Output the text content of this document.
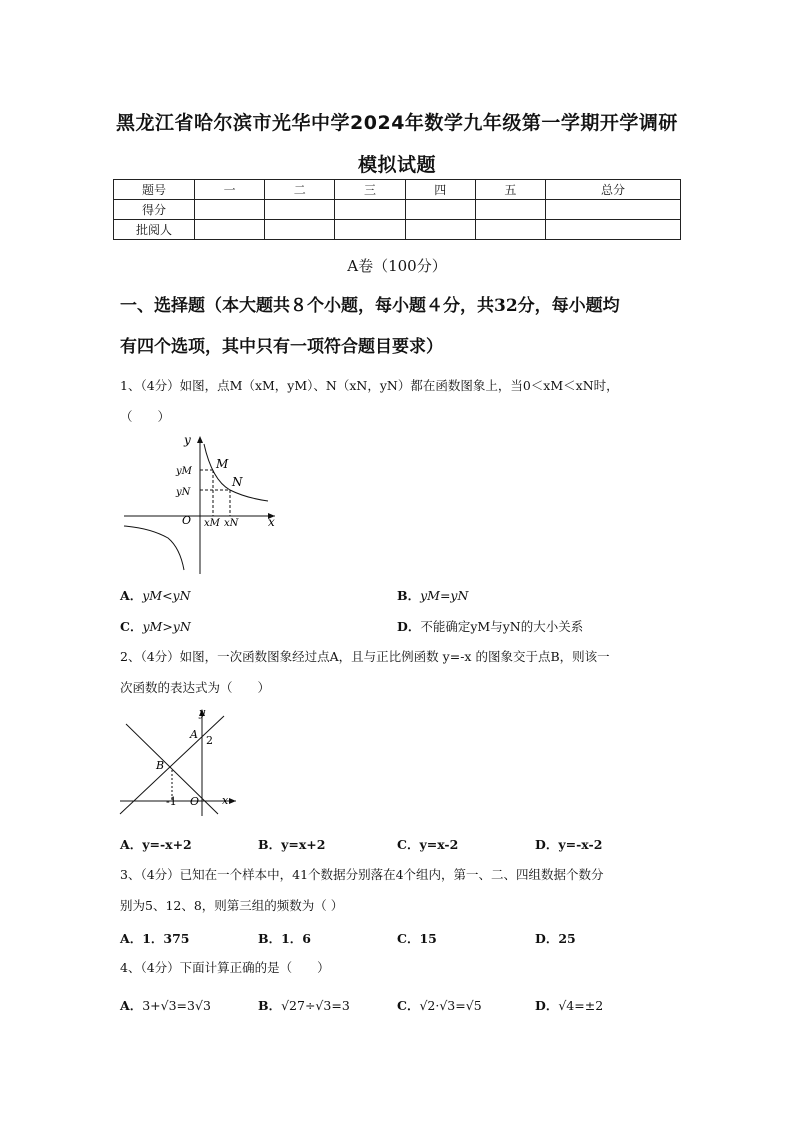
黑龙江省哈尔滨市光华中学2024年数学九年级第一学期开学调研
模拟试题
题号	一	二	三	四	五	总分
得分						
批阅人						
A卷（100分）
一、选择题（本大题共８个小题，每小题４分，共32分，每小题均
有四个选项，其中只有一项符合题目要求）
1、（4分）如图，点M（xM，yM）、N（xN，yN）都在函数图象上，当0＜xM＜xN时，
（　　）
y
x
O
M
N
yM
yN
xM xN
A．yM<yN	B．yM=yN
C．yM>yN	D．不能确定yM与yN的大小关系
2、（4分）如图，一次函数图象经过点A，且与正比例函数 y=-x 的图象交于点B，则该一
次函数的表达式为（　　）
y
x
A
B
O
2
-1
A．y=-x+2	B．y=x+2	C．y=x-2	D．y=-x-2
3、（4分）已知在一个样本中，41个数据分别落在4个组内，第一、二、四组数据个数分
别为5、12、8，则第三组的频数为（ ）
A．1．375	B．1．6	C．15	D．25
4、（4分）下面计算正确的是（　　）
A．3+√3=3√3	B．√27÷√3=3	C．√2·√3=√5	D．√4=±2
